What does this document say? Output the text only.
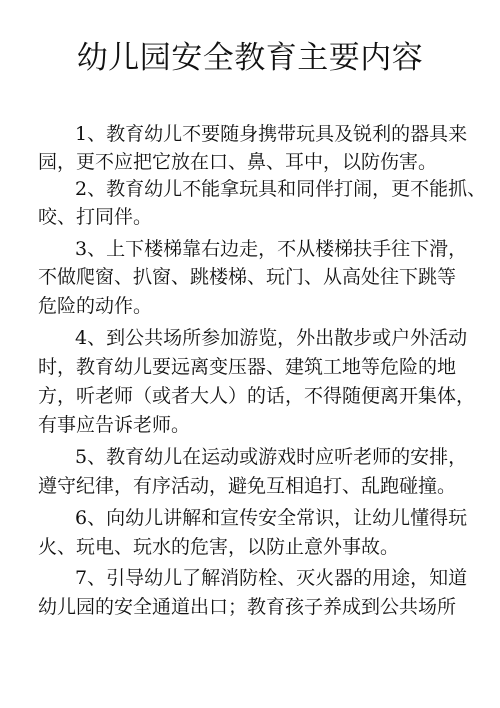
幼儿园安全教育主要内容

1、教育幼儿不要随身携带玩具及锐利的器具来

园，更不应把它放在口、鼻、耳中，以防伤害。

2、教育幼儿不能拿玩具和同伴打闹，更不能抓、

咬、打同伴。

3、上下楼梯靠右边走，不从楼梯扶手往下滑，

不做爬窗、扒窗、跳楼梯、玩门、从高处往下跳等

危险的动作。

4、到公共场所参加游览，外出散步或户外活动

时，教育幼儿要远离变压器、建筑工地等危险的地

方，听老师（或者大人）的话，不得随便离开集体，

有事应告诉老师。

5、教育幼儿在运动或游戏时应听老师的安排，

遵守纪律，有序活动，避免互相追打、乱跑碰撞。

6、向幼儿讲解和宣传安全常识，让幼儿懂得玩

火、玩电、玩水的危害，以防止意外事故。

7、引导幼儿了解消防栓、灭火器的用途，知道

幼儿园的安全通道出口；教育孩子养成到公共场所
